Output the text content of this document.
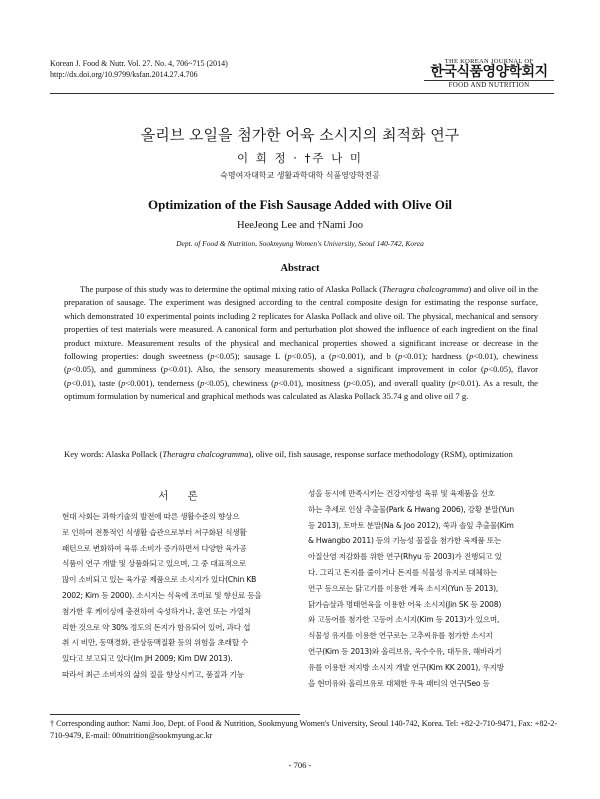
Korean J. Food & Nutr. Vol. 27. No. 4, 706~715 (2014)
http://dx.doi.org/10.9799/ksfan.2014.27.4.706
THE KOREAN JOURNAL OF
한국식품영양학회지
FOOD AND NUTRITION
올리브 오일을 첨가한 어육 소시지의 최적화 연구
이 희 정 · †주 나 미
숙명여자대학교 생활과학대학 식품영양학전공
Optimization of the Fish Sausage Added with Olive Oil
HeeJeong Lee and †Nami Joo
Dept. of Food & Nutrition, Sookmyung Women's University, Seoul 140-742, Korea
Abstract
The purpose of this study was to determine the optimal mixing ratio of Alaska Pollack (Theragra chalcogramma) and olive oil in the preparation of sausage. The experiment was designed according to the central composite design for estimating the response surface, which demonstrated 10 experimental points including 2 replicates for Alaska Pollack and olive oil. The physical, mechanical and sensory properties of test materials were measured. A canonical form and perturbation plot showed the influence of each ingredient on the final product mixture. Measurement results of the physical and mechanical properties showed a significant increase or decrease in the following properties: dough sweetness (p<0.05); sausage L (p<0.05), a (p<0.001), and b (p<0.01); hardness (p<0.01), chewiness (p<0.05), and gumminess (p<0.01). Also, the sensory measurements showed a significant improvement in color (p<0.05), flavor (p<0.01), taste (p<0.001), tenderness (p<0.05), chewiness (p<0.01), mositness (p<0.05), and overall quality (p<0.01). As a result, the optimum formulation by numerical and graphical methods was calculated as Alaska Pollack 35.74 g and olive oil 7 g.
Key words: Alaska Pollack (Theragra chalcogramma), olive oil, fish sausage, response surface methodology (RSM), optimization
서 론
현대 사회는 과학기술의 발전에 따른 생활수준의 향상으
로 인하여 전통적인 식생활 습관으로부터 서구화된 식생활
패턴으로 변화하여 육류 소비가 증가하면서 다양한 육가공
식품이 연구 개발 및 상품화되고 있으며, 그 중 대표적으로
많이 소비되고 있는 육가공 제품으로 소시지가 있다(Chin KB
2002; Kim 등 2000). 소시지는 식육에 조미료 및 향신료 등을
첨가한 후 케이싱에 충전하여 숙성하거나, 훈연 또는 가열처
리한 것으로 약 30% 정도의 돈지가 함유되어 있어, 과다 섭
취 시 비만, 동맥경화, 관상동맥질환 등의 위험을 초래할 수
있다고 보고되고 있다(Im JH 2009; Kim DW 2013).
따라서 최근 소비자의 삶의 질을 향상시키고, 품질과 기능
성을 동시에 만족시키는 건강지향성 육류 및 육제품을 선호
하는 추세로 인삼 추출물(Park & Hwang 2006), 강황 분말(Yun
등 2013), 토마토 분말(Na & Joo 2012), 쑥과 솔잎 추출물(Kim
& Hwangbo 2011) 등의 기능성 물질을 첨가한 육제품 또는
아질산염 저감화를 위한 연구(Rhyu 등 2003)가 진행되고 있
다. 그리고 돈지를 줄이거나 돈지를 식물성 유지로 대체하는
연구 등으로는 닭고기를 이용한 계육 소시지(Yun 등 2013),
닭가슴살과 명태연육을 이용한 어육 소시지(Jin SK 등 2008)
와 고등어를 첨가한 고등어 소시지(Kim 등 2013)가 있으며,
식물성 유지를 이용한 연구로는 고추씨유를 첨가한 소시지
연구(Kim 등 2013)와 올리브유, 옥수수유, 대두유, 해바라기
유를 이용한 저지방 소시지 개발 연구(Kim KK 2001), 우지방
을 현미유와 올리브유로 대체한 우육 패티의 연구(Seo 등
† Corresponding author: Nami Joo, Dept. of Food & Nutrition, Sookmyung Women's University, Seoul 140-742, Korea. Tel: +82-2-710-9471, Fax: +82-2-710-9479, E-mail: 00nutrition@sookmyung.ac.kr
- 706 -
